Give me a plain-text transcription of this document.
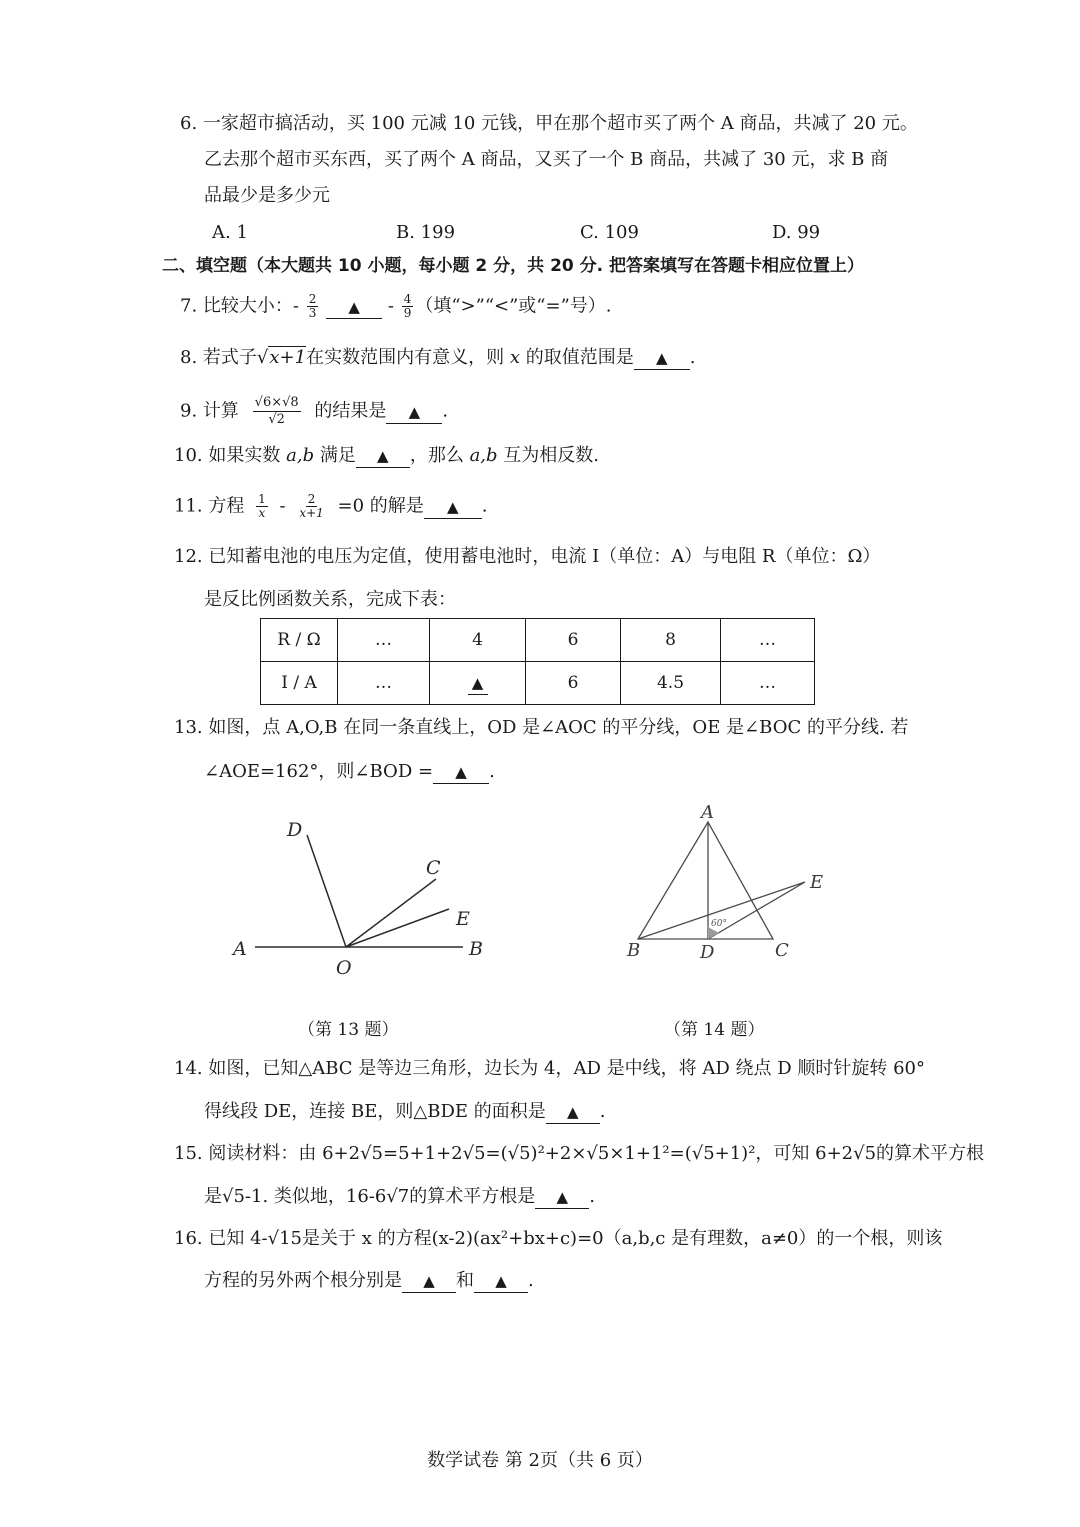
6. 一家超市搞活动，买 100 元减 10 元钱，甲在那个超市买了两个 A 商品，共减了 20 元。
乙去那个超市买东西，买了两个 A 商品，又买了一个 B 商品，共减了 30 元，求 B 商
品最少是多少元
A. 1	B. 199	C. 109	D. 99
二、填空题（本大题共 10 小题，每小题 2 分，共 20 分. 把答案填写在答题卡相应位置上）
7. 比较大小：- $\frac{2}{3}$ ▲ - $\frac{4}{9}$ （填“>”“<”或“=”号）.
8. 若式子√x+1在实数范围内有意义，则 x 的取值范围是 ▲ .
9. 计算 $\frac{√6\times√8}{√2}$ 的结果是 ▲ .
10. 如果实数 a,b 满足 ▲ ，那么 a,b 互为相反数.
11. 方程 $\frac{1}{x} - \frac{2}{x+1} =0$ 的解是 ▲ .
12. 已知蓄电池的电压为定值，使用蓄电池时，电流 I（单位：A）与电阻 R（单位：Ω）
是反比例函数关系，完成下表：
R / Ω	…	4	6	8	…
I / A	…	▲	6	4.5	…
13. 如图，点 A,O,B 在同一条直线上，OD 是∠AOC 的平分线，OE 是∠BOC 的平分线. 若
∠AOE=162°，则∠BOD = ▲ .
A
O
B
D
C
E	60°
A
B	D	C
E
（第 13 题）	（第 14 题）
14. 如图，已知△ABC 是等边三角形，边长为 4，AD 是中线，将 AD 绕点 D 顺时针旋转 60°
得线段 DE，连接 BE，则△BDE 的面积是 ▲ .
15. 阅读材料：由 6+2√5=5+1+2√5=(√5)²+2×√5×1+1²=(√5+1)²，可知 6+2√5的算术平方根
是√5-1. 类似地，16-6√7的算术平方根是 ▲ .
16. 已知 4-√15是关于 x 的方程(x-2)(ax²+bx+c)=0（a,b,c 是有理数，a≠0）的一个根，则该
方程的另外两个根分别是 ▲ 和 ▲ .
数学试卷 第 2页（共 6 页）
